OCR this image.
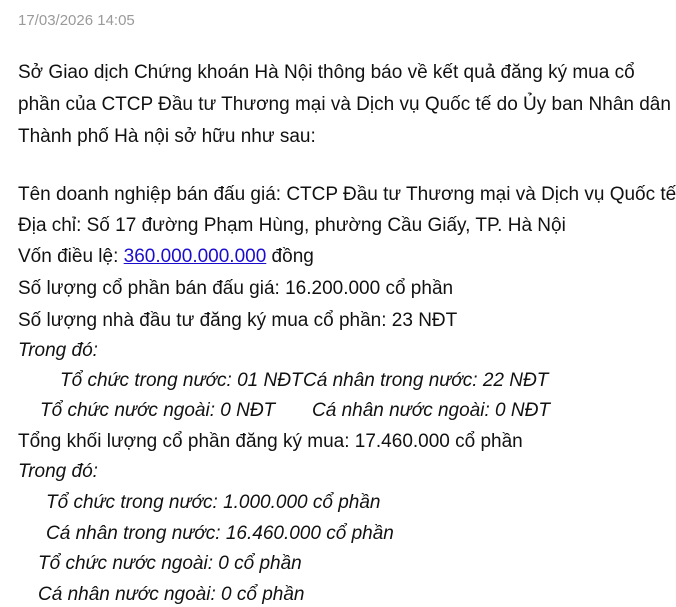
17/03/2026 14:05
Sở Giao dịch Chứng khoán Hà Nội thông báo về kết quả đăng ký mua cổ
phần của CTCP Đầu tư Thương mại và Dịch vụ Quốc tế do Ủy ban Nhân dân
Thành phố Hà nội sở hữu như sau:
Tên doanh nghiệp bán đấu giá: CTCP Đầu tư Thương mại và Dịch vụ Quốc tế
Địa chỉ: Số 17 đường Phạm Hùng, phường Cầu Giấy, TP. Hà Nội
Vốn điều lệ: 360.000.000.000 đồng
Số lượng cổ phần bán đấu giá: 16.200.000 cổ phần
Số lượng nhà đầu tư đăng ký mua cổ phần: 23 NĐT
Trong đó:
Tổ chức trong nước: 01 NĐT Cá nhân trong nước: 22 NĐT
Tổ chức nước ngoài: 0 NĐT Cá nhân nước ngoài: 0 NĐT
Tổng khối lượng cổ phần đăng ký mua: 17.460.000 cổ phần
Trong đó:
Tổ chức trong nước: 1.000.000 cổ phần
Cá nhân trong nước: 16.460.000 cổ phần
Tổ chức nước ngoài: 0 cổ phần
Cá nhân nước ngoài: 0 cổ phần
